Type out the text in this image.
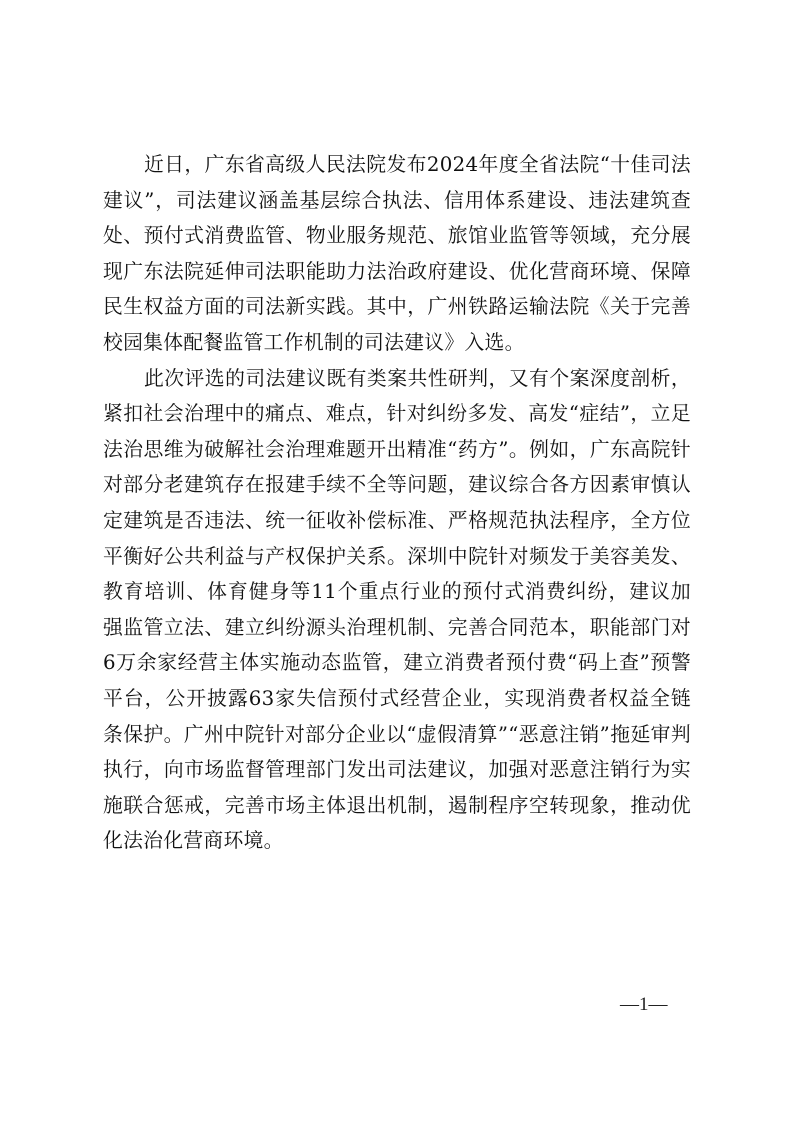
近日，广东省高级人民法院发布2024年度全省法院“十佳司法建议”，司法建议涵盖基层综合执法、信用体系建设、违法建筑查处、预付式消费监管、物业服务规范、旅馆业监管等领域，充分展现广东法院延伸司法职能助力法治政府建设、优化营商环境、保障民生权益方面的司法新实践。其中，广州铁路运输法院《关于完善校园集体配餐监管工作机制的司法建议》入选。

此次评选的司法建议既有类案共性研判，又有个案深度剖析，紧扣社会治理中的痛点、难点，针对纠纷多发、高发“症结”，立足法治思维为破解社会治理难题开出精准“药方”。例如，广东高院针对部分老建筑存在报建手续不全等问题，建议综合各方因素审慎认定建筑是否违法、统一征收补偿标准、严格规范执法程序，全方位平衡好公共利益与产权保护关系。深圳中院针对频发于美容美发、教育培训、体育健身等11个重点行业的预付式消费纠纷，建议加强监管立法、建立纠纷源头治理机制、完善合同范本，职能部门对6万余家经营主体实施动态监管，建立消费者预付费“码上查”预警平台，公开披露63家失信预付式经营企业，实现消费者权益全链条保护。广州中院针对部分企业以“虚假清算”“恶意注销”拖延审判执行，向市场监督管理部门发出司法建议，加强对恶意注销行为实施联合惩戒，完善市场主体退出机制，遏制程序空转现象，推动优化法治化营商环境。

—1—
